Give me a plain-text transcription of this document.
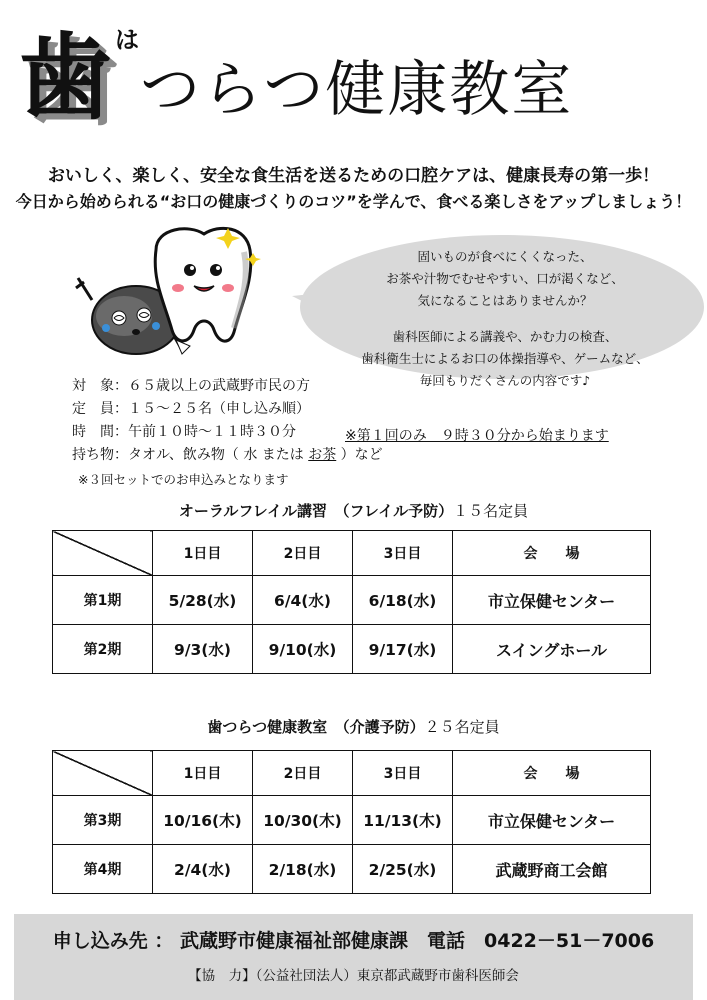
歯 は
つらつ健康教室
おいしく、楽しく、安全な食生活を送るための口腔ケアは、健康長寿の第一歩！
今日から始められる“お口の健康づくりのコツ”を学んで、食べる楽しさをアップしましょう！
固いものが食べにくくなった、
お茶や汁物でむせやすい、口が渇くなど、
気になることはありませんか？
歯科医師による講義や、かむ力の検査、
歯科衛生士によるお口の体操指導や、ゲームなど、
毎回もりだくさんの内容です♪
対　象：６５歳以上の武蔵野市民の方
定　員：１５～２５名（申し込み順）
時　間：午前１０時～１１時３０分	※第１回のみ　９時３０分から始まります
持ち物：タオル、飲み物（ 水 または お茶 ）など
※３回セットでのお申込みとなります
オーラルフレイル講習　（フレイル予防）１５名定員
	1日目	2日目	3日目	会　　場
第1期	5/28(水)	6/4(水)	6/18(水)	市立保健センター
第2期	9/3(水)	9/10(水)	9/17(水)	スイングホール
歯つらつ健康教室　（介護予防）２５名定員
	1日目	2日目	3日目	会　　場
第3期	10/16(木)	10/30(木)	11/13(木)	市立保健センター
第4期	2/4(水)	2/18(水)	2/25(水)	武蔵野商工会館
申し込み先 ： 武蔵野市健康福祉部健康課　電話　0422－51－7006
【協　力】（公益社団法人）東京都武蔵野市歯科医師会
